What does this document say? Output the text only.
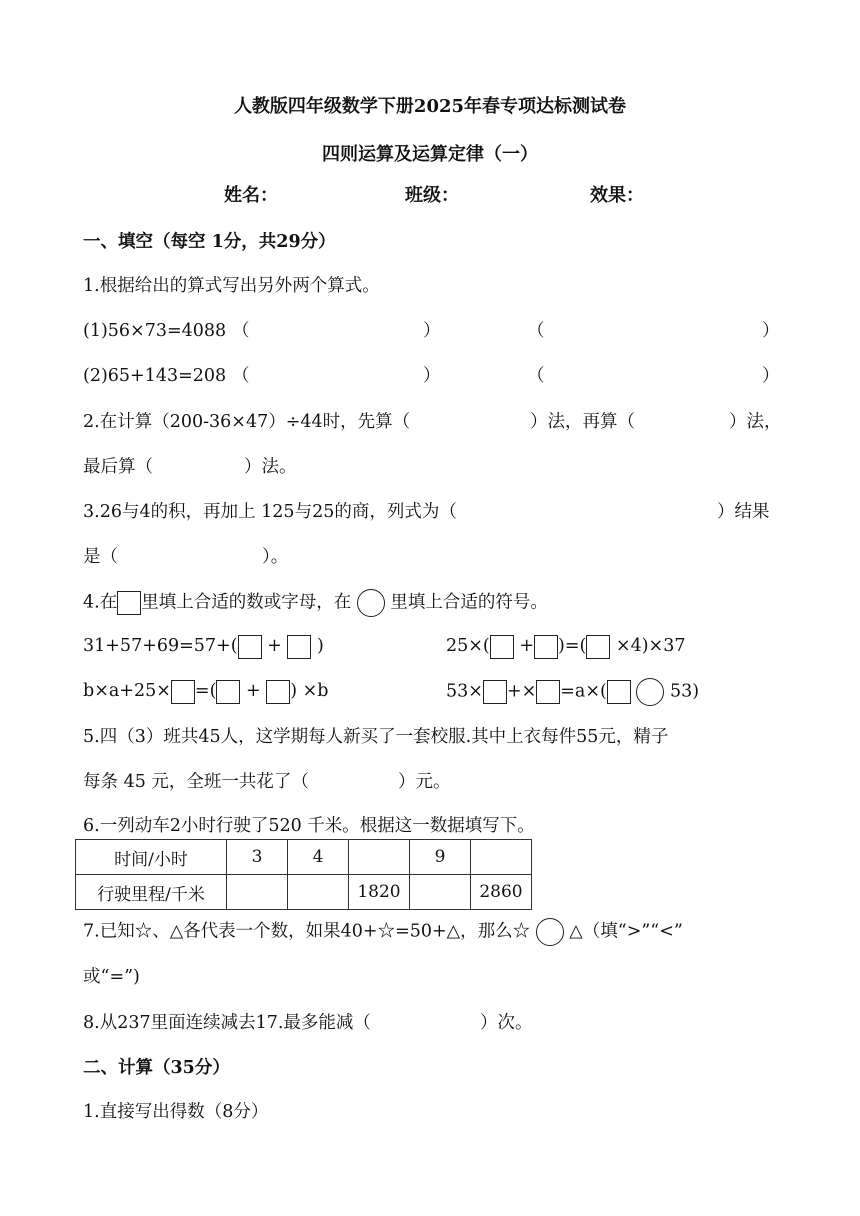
人教版四年级数学下册2025年春专项达标测试卷
四则运算及运算定律（一）
姓名：	班级：	效果：
一、填空（每空 1分，共29分）
1.根据给出的算式写出另外两个算式。
(1)56×73=4088 （	）	（	）
(2)65+143=208 （	）	（	）
2.在计算（200-36×47）÷44时，先算（	）法，再算（	）法，
最后算（	）法。
3.26与4的积，再加上 125与25的商，列式为（	）结果
是（	）。
4.在 里填上合适的数或字母，在 里填上合适的符号。
31+57+69=57+( + )	25×( + )=( ×4)×37
b×a+25× =( + ) ×b	53× +× =a×(	53)
5.四（3）班共45人，这学期每人新买了一套校服.其中上衣每件55元，精子
每条 45 元，全班一共花了（	）元。
6.一列动车2小时行驶了520 千米。根据这一数据填写下。
时间/小时	3	4		9	
行驶里程/千米			1820		2860
7.已知☆、△各代表一个数，如果40+☆=50+△，那么☆ △（填“>”“<”
或“=”)
8.从237里面连续减去17.最多能减（	）次。
二、计算（35分）
1.直接写出得数（8分）
